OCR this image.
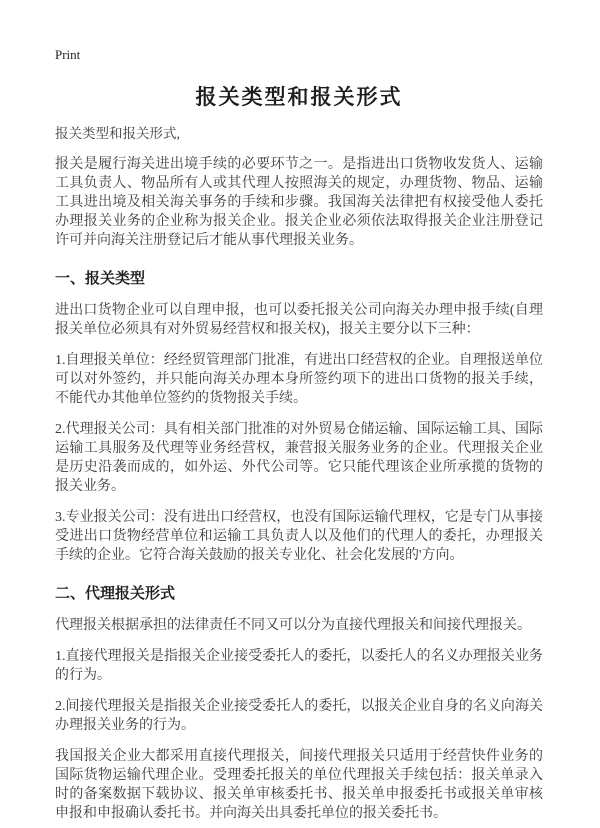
Print
报关类型和报关形式

报关类型和报关形式,

报关是履行海关进出境手续的必要环节之一。是指进出口货物收发货人、运输工具负责人、物品所有人或其代理人按照海关的规定，办理货物、物品、运输工具进出境及相关海关事务的手续和步骤。我国海关法律把有权接受他人委托办理报关业务的企业称为报关企业。报关企业必须依法取得报关企业注册登记许可并向海关注册登记后才能从事代理报关业务。

一、报关类型

进出口货物企业可以自理申报，也可以委托报关公司向海关办理申报手续(自理报关单位必须具有对外贸易经营权和报关权)，报关主要分以下三种：

1.自理报关单位：经经贸管理部门批准，有进出口经营权的企业。自理报送单位可以对外签约，并只能向海关办理本身所签约项下的进出口货物的报关手续，不能代办其他单位签约的货物报关手续。

2.代理报关公司：具有相关部门批准的对外贸易仓储运输、国际运输工具、国际运输工具服务及代理等业务经营权，兼营报关服务业务的企业。代理报关企业是历史沿袭而成的，如外运、外代公司等。它只能代理该企业所承揽的货物的报关业务。

3.专业报关公司：没有进出口经营权，也没有国际运输代理权，它是专门从事接受进出口货物经营单位和运输工具负责人以及他们的代理人的委托，办理报关手续的企业。它符合海关鼓励的报关专业化、社会化发展的'方向。

二、代理报关形式

代理报关根据承担的法律责任不同又可以分为直接代理报关和间接代理报关。

1.直接代理报关是指报关企业接受委托人的委托，以委托人的名义办理报关业务的行为。

2.间接代理报关是指报关企业接受委托人的委托，以报关企业自身的名义向海关办理报关业务的行为。

我国报关企业大都采用直接代理报关，间接代理报关只适用于经营快件业务的国际货物运输代理企业。受理委托报关的单位代理报关手续包括：报关单录入时的备案数据下载协议、报关单审核委托书、报关单申报委托书或报关单审核申报和申报确认委托书。并向海关出具委托单位的报关委托书。
